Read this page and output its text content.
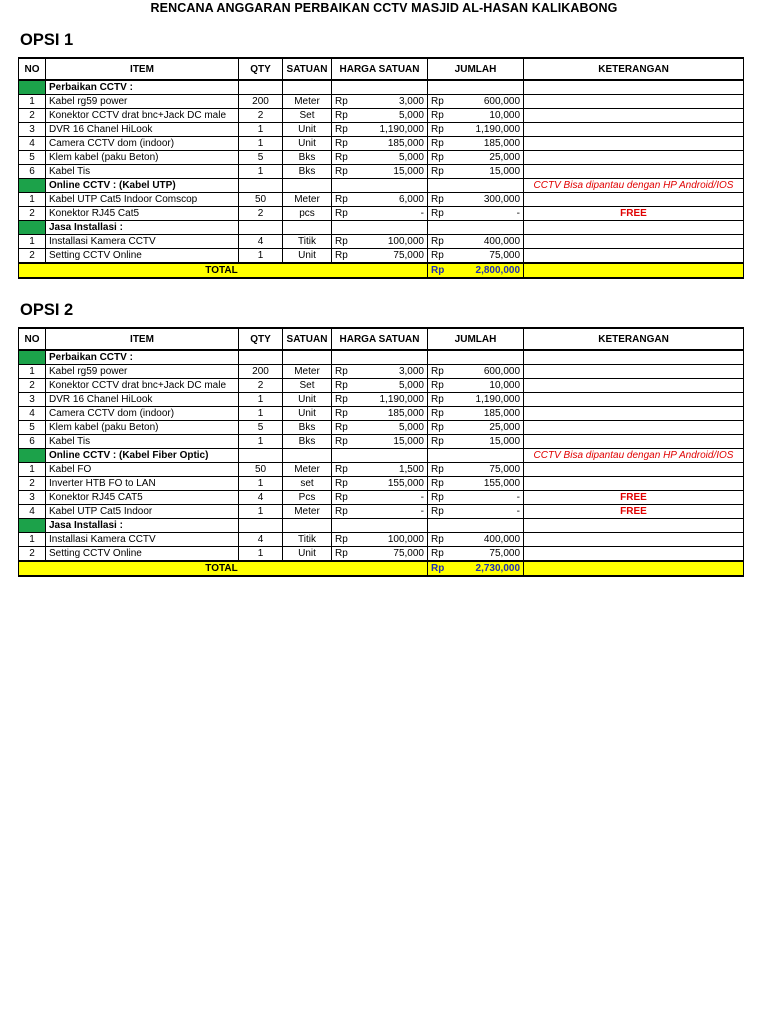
RENCANA ANGGARAN PERBAIKAN CCTV MASJID AL-HASAN KALIKABONG
OPSI 1
NO	ITEM	QTY	SATUAN	HARGA SATUAN		JUMLAH		KETERANGAN
	Perbaikan CCTV :							
1	Kabel rg59 power	200	Meter	Rp	3,000	Rp	600,000	
2	Konektor CCTV drat bnc+Jack DC male	2	Set	Rp	5,000	Rp	10,000	
3	DVR 16 Chanel HiLook	1	Unit	Rp	1,190,000	Rp	1,190,000	
4	Camera CCTV dom (indoor)	1	Unit	Rp	185,000	Rp	185,000	
5	Klem kabel (paku Beton)	5	Bks	Rp	5,000	Rp	25,000	
6	Kabel Tis	1	Bks	Rp	15,000	Rp	15,000	
	Online CCTV : (Kabel UTP)							CCTV Bisa dipantau dengan HP Android/IOS
1	Kabel UTP Cat5 Indoor Comscop	50	Meter	Rp	6,000	Rp	300,000	
2	Konektor RJ45 Cat5	2	pcs	Rp	-	Rp	-	FREE
	Jasa Installasi :							
1	Installasi Kamera CCTV	4	Titik	Rp	100,000	Rp	400,000	
2	Setting CCTV Online	1	Unit	Rp	75,000	Rp	75,000	
TOTAL						Rp	2,800,000	
OPSI 2
NO	ITEM	QTY	SATUAN	HARGA SATUAN		JUMLAH		KETERANGAN
	Perbaikan CCTV :							
1	Kabel rg59 power	200	Meter	Rp	3,000	Rp	600,000	
2	Konektor CCTV drat bnc+Jack DC male	2	Set	Rp	5,000	Rp	10,000	
3	DVR 16 Chanel HiLook	1	Unit	Rp	1,190,000	Rp	1,190,000	
4	Camera CCTV dom (indoor)	1	Unit	Rp	185,000	Rp	185,000	
5	Klem kabel (paku Beton)	5	Bks	Rp	5,000	Rp	25,000	
6	Kabel Tis	1	Bks	Rp	15,000	Rp	15,000	
	Online CCTV : (Kabel Fiber Optic)							CCTV Bisa dipantau dengan HP Android/IOS
1	Kabel FO	50	Meter	Rp	1,500	Rp	75,000	
2	Inverter HTB FO to LAN	1	set	Rp	155,000	Rp	155,000	
3	Konektor RJ45 CAT5	4	Pcs	Rp	-	Rp	-	FREE
4	Kabel UTP Cat5 Indoor	1	Meter	Rp	-	Rp	-	FREE
	Jasa Installasi :							
1	Installasi Kamera CCTV	4	Titik	Rp	100,000	Rp	400,000	
2	Setting CCTV Online	1	Unit	Rp	75,000	Rp	75,000	
TOTAL						Rp	2,730,000	
